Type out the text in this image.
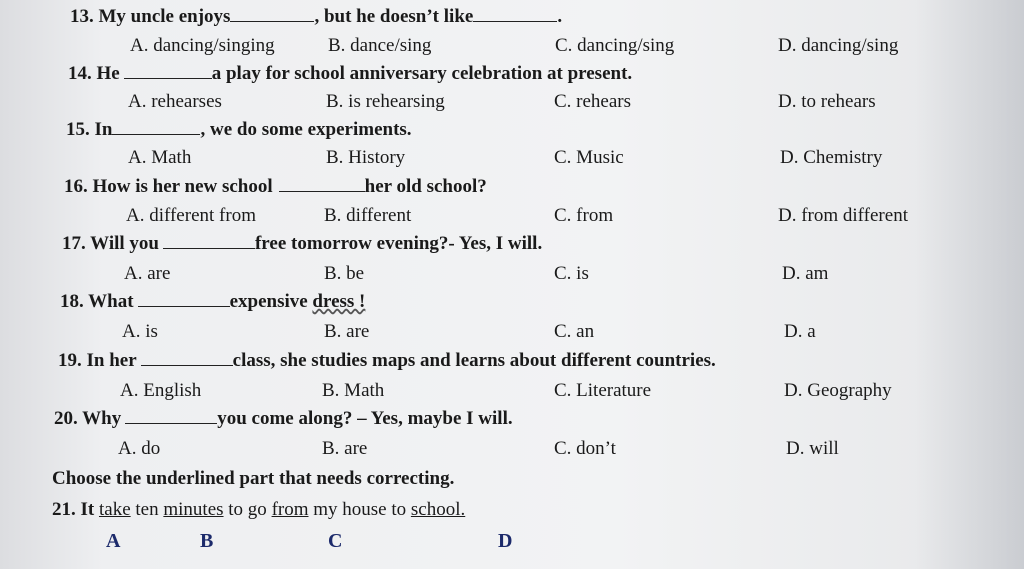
13. My uncle enjoys	, but he doesn’t like	.
A. dancing/singing	B. dance/sing	C. dancing/sing	D. dancing/sing
14. He	a play for school anniversary celebration at present.
A. rehearses	B. is rehearsing	C. rehears	D. to rehears
15. In	, we do some experiments.
A. Math	B. History	C. Music	D. Chemistry
16. How is her new school	her old school?
A. different from	B. different	C. from	D. from different
17. Will you	free tomorrow evening?- Yes, I will.
A. are	B. be	C. is	D. am
18. What	expensive dress !
A. is	B. are	C. an	D. a
19. In her	class, she studies maps and learns about different countries.
A. English	B. Math	C. Literature	D. Geography
20. Why	you come along? – Yes, maybe I will.
A. do	B. are	C. don’t	D. will
Choose the underlined part that needs correcting.
21. It take ten minutes to go from my house to school.
A	B	C	D
